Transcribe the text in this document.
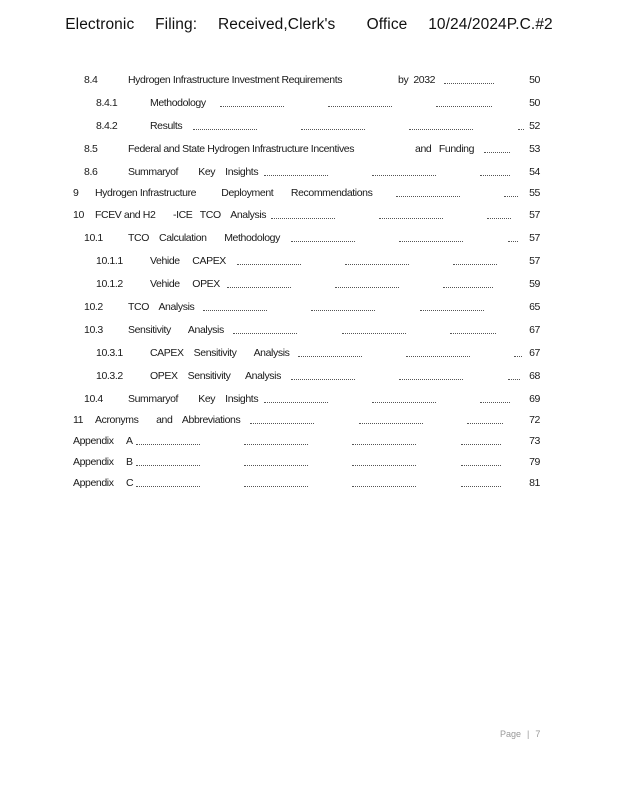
Electronic  Filing:  Received,Clerk's   Office  10/24/2024P.C.#2
8.4	Hydrogen Infrastructure Investment Requirements	by  2032	50
8.4.1	Methodology	50
8.4.2	Results	52
8.5	Federal and State Hydrogen Infrastructure Incentives	and   Funding	53
8.6	Summaryof        Key    Insights	54
9 Hydrogen Infrastructure          Deployment       Recommendations	55
10 FCEV and H2       -ICE   TCO    Analysis	57
10.1 TCO    Calculation       Methodology	57
10.1.1	Vehide     CAPEX	57
10.1.2	Vehide     OPEX	59
10.2 TCO    Analysis	65
10.3 Sensitivity       Analysis	67
10.3.1	CAPEX    Sensitivity       Analysis	67
10.3.2	OPEX    Sensitivity      Analysis	68
10.4 Summaryof        Key    Insights	69
11 Acronyms       and    Abbreviations	72
Appendix A	73
Appendix B	79
Appendix C	81
Page | 7
